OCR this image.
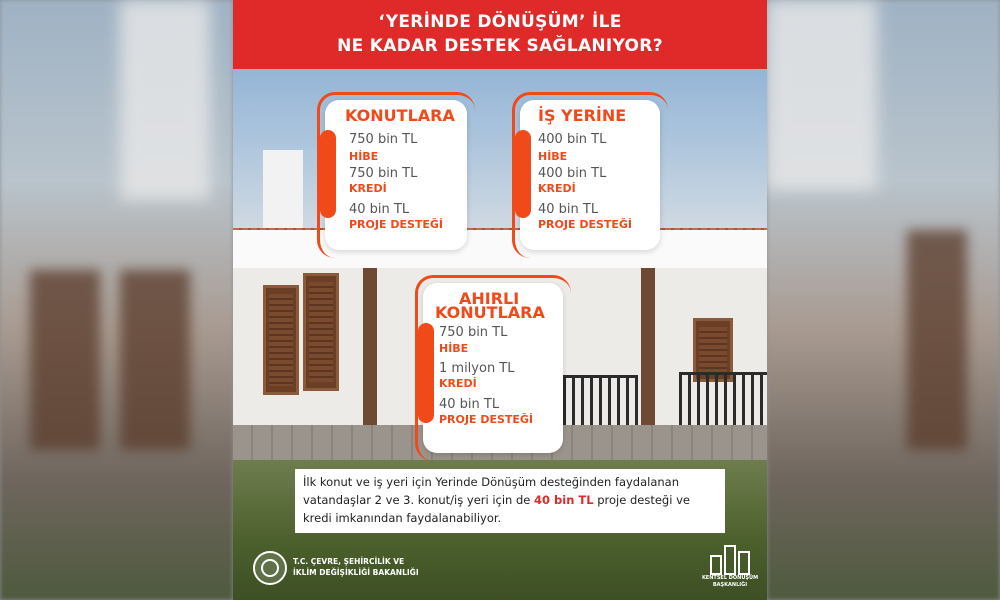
‘YERİNDE DÖNÜŞÜM’ İLE
NE KADAR DESTEK SAĞLANIYOR?
KONUTLARA
750 bin TL
HİBE
750 bin TL
KREDİ
40 bin TL
PROJE DESTEĞİ
İŞ YERİNE
400 bin TL
HİBE
400 bin TL
KREDİ
40 bin TL
PROJE DESTEĞİ
AHIRLI
KONUTLARA
750 bin TL
HİBE
1 milyon TL
KREDİ
40 bin TL
PROJE DESTEĞİ

İlk konut ve iş yeri için Yerinde Dönüşüm desteğinden faydalanan vatandaşlar 2 ve 3. konut/iş yeri için de 40 bin TL proje desteği ve kredi imkanından faydalanabiliyor.

T.C. ÇEVRE, ŞEHİRCİLİK VE
İKLİM DEĞİŞİKLİĞİ BAKANLIĞI
KENTSEL DÖNÜŞÜM
BAŞKANLIĞI
